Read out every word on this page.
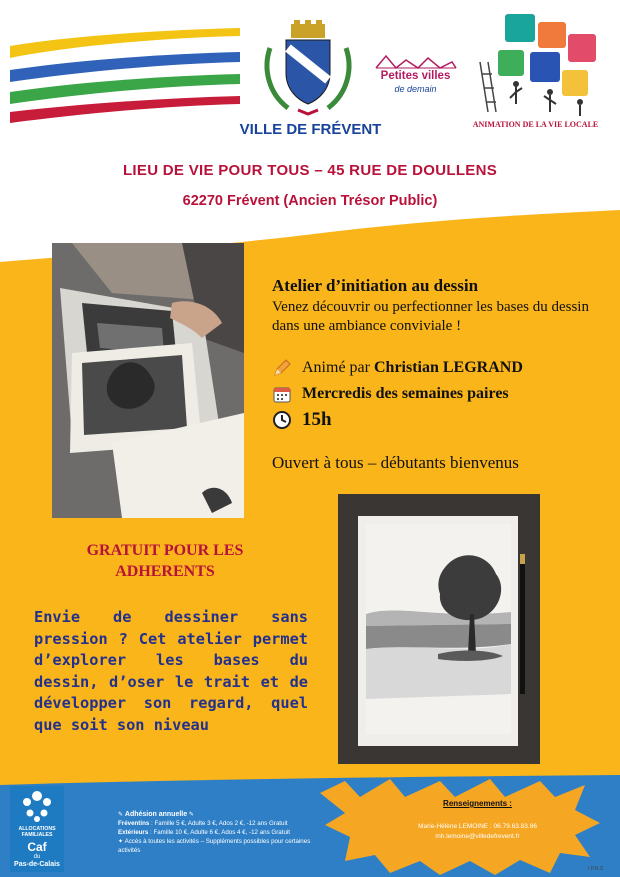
VILLE DE FRÉVENT
Petites villes
de demain
ANIMATION DE LA VIE LOCALE
LIEU DE VIE POUR TOUS – 45 RUE DE DOULLENS
62270 Frévent (Ancien Trésor Public)
Atelier d’initiation au dessin
Venez découvrir ou perfectionner les bases du dessin dans une ambiance conviviale !
Animé par Christian LEGRAND
Mercredis des semaines paires
15h
Ouvert à tous – débutants bienvenus
GRATUIT POUR LES
ADHERENTS
Envie de dessiner sans pression ? Cet atelier permet d’explorer les bases du dessin, d’oser le trait et de développer son regard, quel que soit son niveau
ALLOCATIONS FAMILIALES
Caf
du
Pas-de-Calais
✎ Adhésion annuelle ✎
Fréventins : Famille 5 €, Adulte 3 €, Ados 2 €, -12 ans Gratuit
Extérieurs : Famille 10 €, Adulte 6 €, Ados 4 €, -12 ans Gratuit
✦ Accès à toutes les activités – Suppléments possibles pour certaines activités
Renseignements :
Marie-Hélène LEMOINE : 06.79.63.83.86
mh.lemoine@villedefrevent.fr
I.P.N.S
